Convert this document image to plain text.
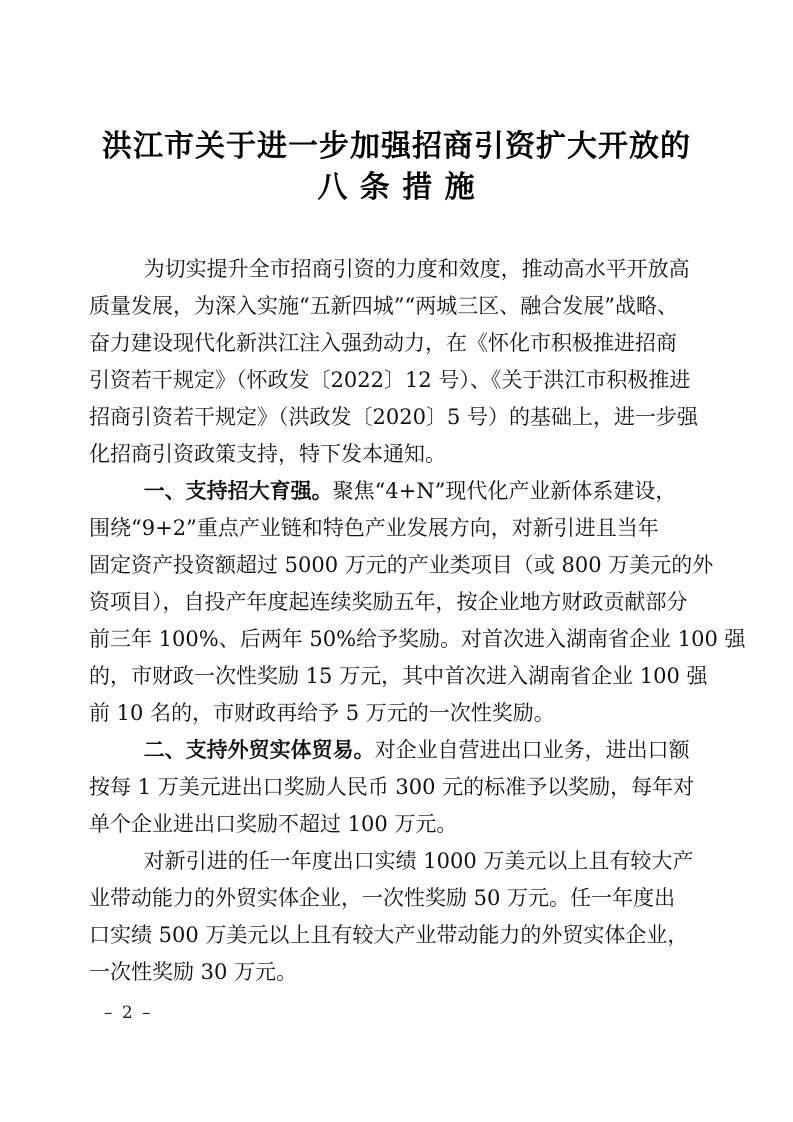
洪江市关于进一步加强招商引资扩大开放的
八 条 措 施
为切实提升全市招商引资的力度和效度，推动高水平开放高
质量发展，为深入实施“五新四城”“两城三区、融合发展”战略、
奋力建设现代化新洪江注入强劲动力，在《怀化市积极推进招商
引资若干规定》（怀政发〔2022〕12 号）、《关于洪江市积极推进
招商引资若干规定》（洪政发〔2020〕5 号）的基础上，进一步强
化招商引资政策支持，特下发本通知。
一、支持招大育强。聚焦“4+N”现代化产业新体系建设，
围绕“9+2”重点产业链和特色产业发展方向，对新引进且当年
固定资产投资额超过 5000 万元的产业类项目（或 800 万美元的外
资项目），自投产年度起连续奖励五年，按企业地方财政贡献部分
前三年 100%、后两年 50%给予奖励。对首次进入湖南省企业 100 强
的，市财政一次性奖励 15 万元，其中首次进入湖南省企业 100 强
前 10 名的，市财政再给予 5 万元的一次性奖励。
二、支持外贸实体贸易。对企业自营进出口业务，进出口额
按每 1 万美元进出口奖励人民币 300 元的标准予以奖励，每年对
单个企业进出口奖励不超过 100 万元。
对新引进的任一年度出口实绩 1000 万美元以上且有较大产
业带动能力的外贸实体企业，一次性奖励 50 万元。任一年度出
口实绩 500 万美元以上且有较大产业带动能力的外贸实体企业，
一次性奖励 30 万元。
– 2 –
